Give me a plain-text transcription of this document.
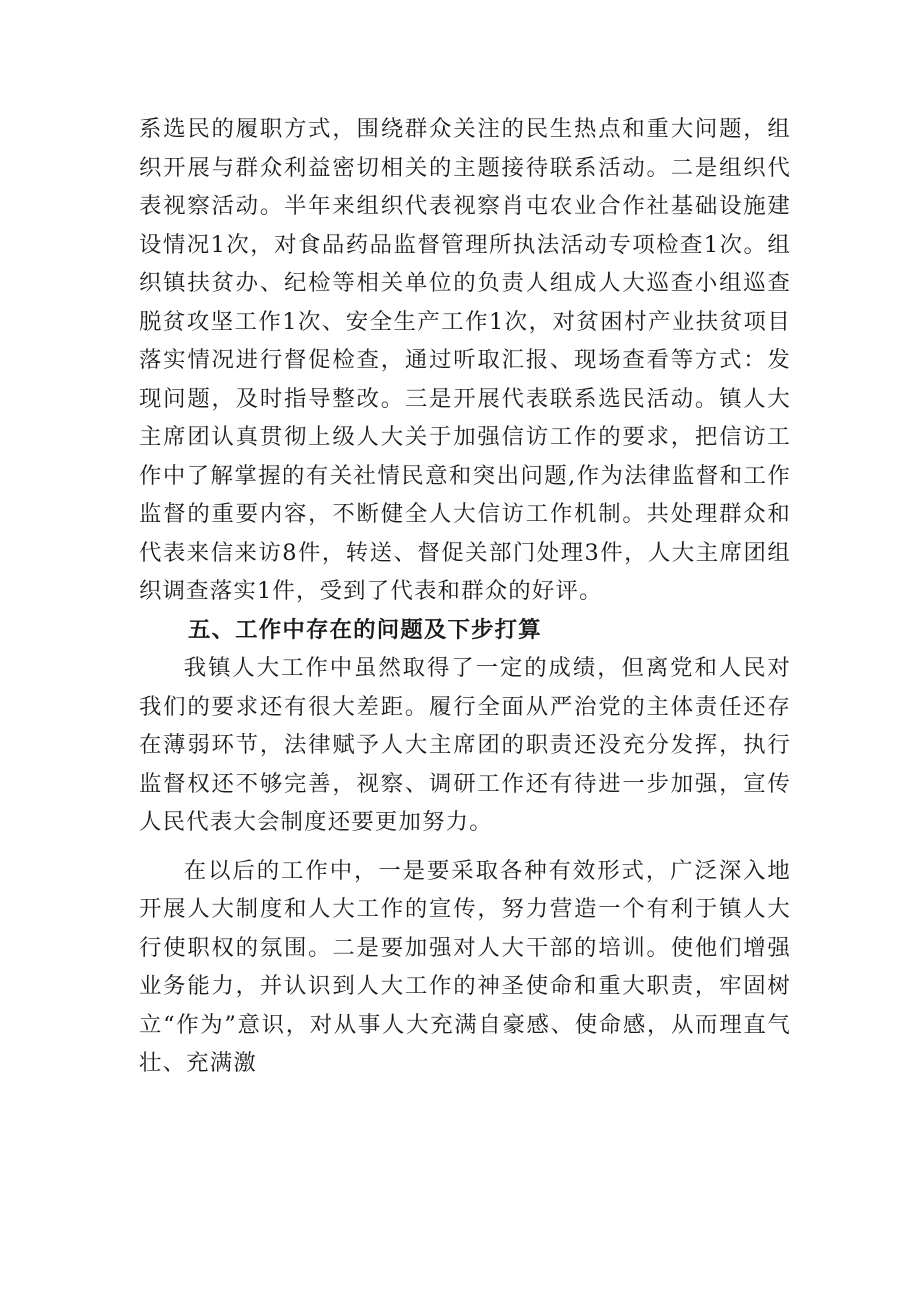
系选民的履职方式，围绕群众关注的民生热点和重大问题，组织开展与群众利益密切相关的主题接待联系活动。二是组织代表视察活动。半年来组织代表视察肖屯农业合作社基础设施建设情况1次，对食品药品监督管理所执法活动专项检查1次。组织镇扶贫办、纪检等相关单位的负责人组成人大巡查小组巡查脱贫攻坚工作1次、安全生产工作1次，对贫困村产业扶贫项目落实情况进行督促检查，通过听取汇报、现场查看等方式：发现问题，及时指导整改。三是开展代表联系选民活动。镇人大主席团认真贯彻上级人大关于加强信访工作的要求，把信访工作中了解掌握的有关社情民意和突出问题,作为法律监督和工作监督的重要内容，不断健全人大信访工作机制。共处理群众和代表来信来访8件，转送、督促关部门处理3件，人大主席团组织调查落实1件，受到了代表和群众的好评。

五、工作中存在的问题及下步打算

我镇人大工作中虽然取得了一定的成绩，但离党和人民对我们的要求还有很大差距。履行全面从严治党的主体责任还存在薄弱环节，法律赋予人大主席团的职责还没充分发挥，执行监督权还不够完善，视察、调研工作还有待进一步加强，宣传人民代表大会制度还要更加努力。

在以后的工作中，一是要采取各种有效形式，广泛深入地开展人大制度和人大工作的宣传，努力营造一个有利于镇人大行使职权的氛围。二是要加强对人大干部的培训。使他们增强业务能力，并认识到人大工作的神圣使命和重大职责，牢固树立“作为”意识，对从事人大充满自豪感、使命感，从而理直气壮、充满激
